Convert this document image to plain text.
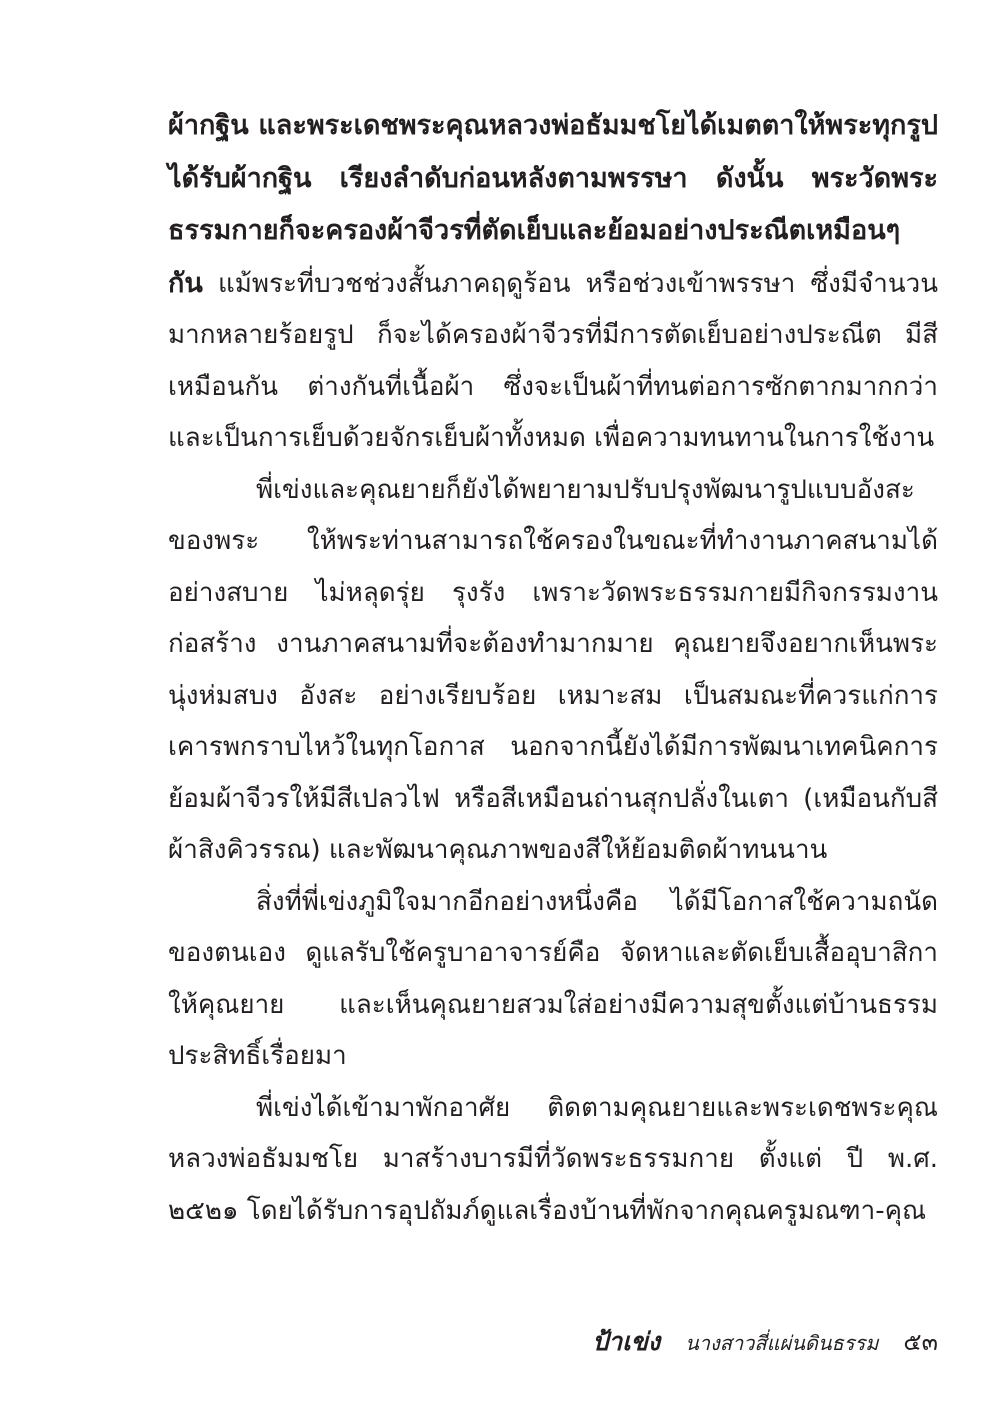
ผ้ากฐิน และพระเดชพระคุณหลวงพ่อธัมมชโยได้เมตตาให้พระทุกรูปได้รับผ้ากฐิน เรียงลำดับก่อนหลังตามพรรษา ดังนั้น พระวัดพระธรรมกายก็จะครองผ้าจีวรที่ตัดเย็บและย้อมอย่างประณีตเหมือนๆ กัน แม้พระที่บวชช่วงสั้นภาคฤดูร้อน หรือช่วงเข้าพรรษา ซึ่งมีจำนวนมากหลายร้อยรูป ก็จะได้ครองผ้าจีวรที่มีการตัดเย็บอย่างประณีต มีสีเหมือนกัน ต่างกันที่เนื้อผ้า ซึ่งจะเป็นผ้าที่ทนต่อการซักตากมากกว่า และเป็นการเย็บด้วยจักรเย็บผ้าทั้งหมด เพื่อความทนทานในการใช้งาน

พี่เข่งและคุณยายก็ยังได้พยายามปรับปรุงพัฒนารูปแบบอังสะของพระ ให้พระท่านสามารถใช้ครองในขณะที่ทำงานภาคสนามได้อย่างสบาย ไม่หลุดรุ่ย รุงรัง เพราะวัดพระธรรมกายมีกิจกรรมงานก่อสร้าง งานภาคสนามที่จะต้องทำมากมาย คุณยายจึงอยากเห็นพระนุ่งห่มสบง อังสะ อย่างเรียบร้อย เหมาะสม เป็นสมณะที่ควรแก่การเคารพกราบไหว้ในทุกโอกาส นอกจากนี้ยังได้มีการพัฒนาเทคนิคการย้อมผ้าจีวรให้มีสีเปลวไฟ หรือสีเหมือนถ่านสุกปลั่งในเตา (เหมือนกับสีผ้าสิงคิวรรณ) และพัฒนาคุณภาพของสีให้ย้อมติดผ้าทนนาน

สิ่งที่พี่เข่งภูมิใจมากอีกอย่างหนึ่งคือ ได้มีโอกาสใช้ความถนัดของตนเอง ดูแลรับใช้ครูบาอาจารย์คือ จัดหาและตัดเย็บเสื้ออุบาสิกาให้คุณยาย และเห็นคุณยายสวมใส่อย่างมีความสุขตั้งแต่บ้านธรรมประสิทธิ์เรื่อยมา

พี่เข่งได้เข้ามาพักอาศัย ติดตามคุณยายและพระเดชพระคุณหลวงพ่อธัมมชโย มาสร้างบารมีที่วัดพระธรรมกาย ตั้งแต่ ปี พ.ศ. ๒๕๒๑ โดยได้รับการอุปถัมภ์ดูแลเรื่องบ้านที่พักจากคุณครูมณฑา-คุณ

ป้าเข่ง นางสาวสี่แผ่นดินธรรม ๕๓
